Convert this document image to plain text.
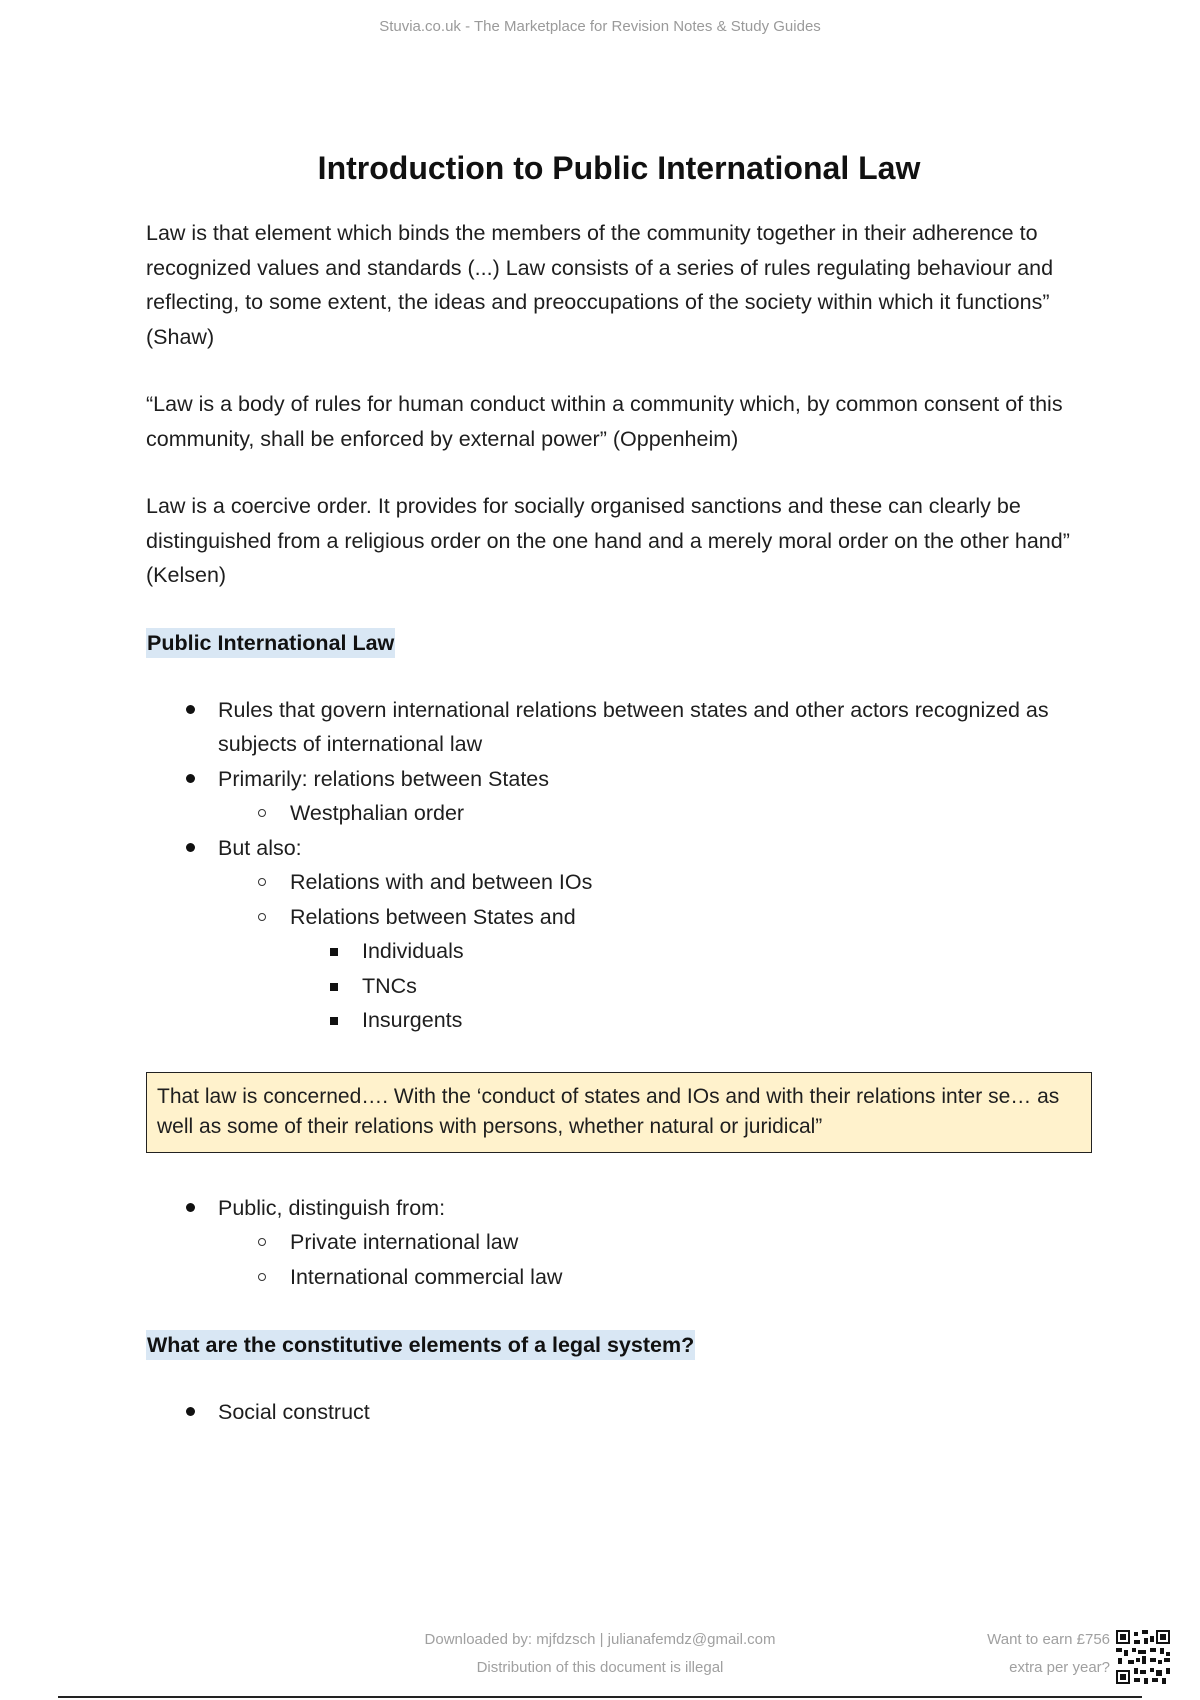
Stuvia.co.uk - The Marketplace for Revision Notes & Study Guides
Introduction to Public International Law

Law is that element which binds the members of the community together in their adherence to recognized values and standards (...) Law consists of a series of rules regulating behaviour and reflecting, to some extent, the ideas and preoccupations of the society within which it functions” (Shaw)

“Law is a body of rules for human conduct within a community which, by common consent of this community, shall be enforced by external power” (Oppenheim)

Law is a coercive order. It provides for socially organised sanctions and these can clearly be distinguished from a religious order on the one hand and a merely moral order on the other hand” (Kelsen)

Public International Law
Rules that govern international relations between states and other actors recognized as subjects of international law
Primarily: relations between States
Westphalian order
But also:
Relations with and between IOs
Relations between States and
Individuals
TNCs
Insurgents
That law is concerned…. With the ‘conduct of states and IOs and with their relations inter se… as well as some of their relations with persons, whether natural or juridical”
Public, distinguish from:
Private international law
International commercial law
What are the constitutive elements of a legal system?
Social construct
Downloaded by: mjfdzsch | julianafemdz@gmail.com
Distribution of this document is illegal
Want to earn £756
extra per year?
